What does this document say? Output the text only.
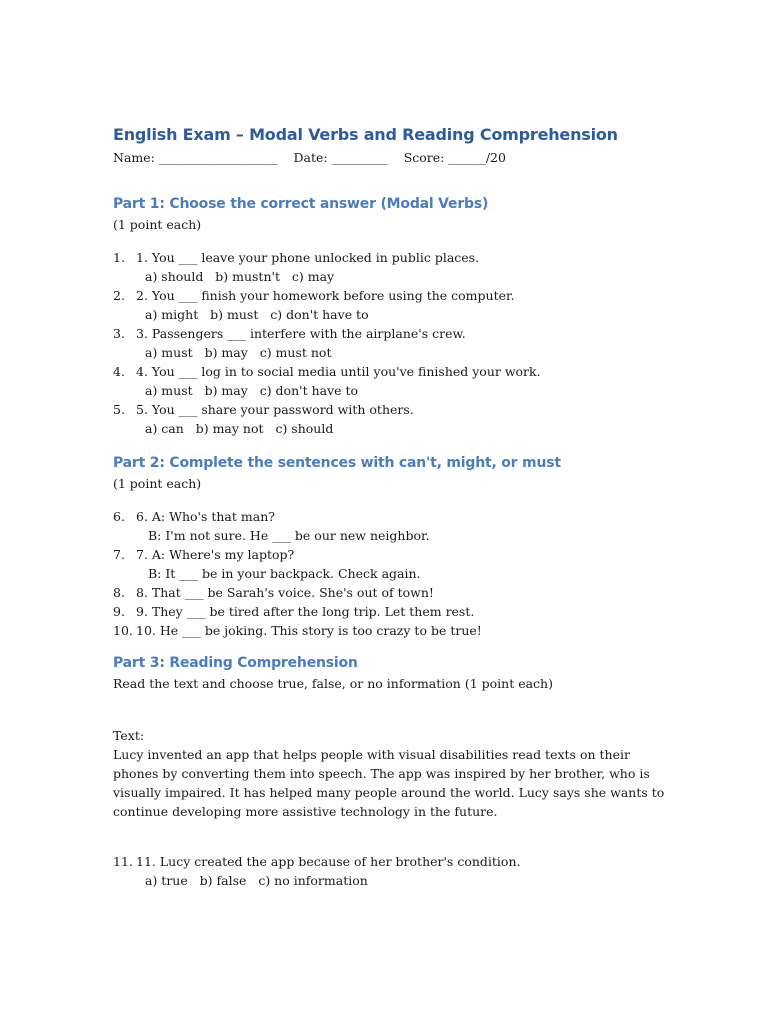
English Exam – Modal Verbs and Reading Comprehension
Name: ___________________    Date: _________    Score: ______/20
Part 1: Choose the correct answer (Modal Verbs)
(1 point each)
1. 1. You ___ leave your phone unlocked in public places.
a) should   b) mustn't   c) may
2. 2. You ___ finish your homework before using the computer.
a) might   b) must   c) don't have to
3. 3. Passengers ___ interfere with the airplane's crew.
a) must   b) may   c) must not
4. 4. You ___ log in to social media until you've finished your work.
a) must   b) may   c) don't have to
5. 5. You ___ share your password with others.
a) can   b) may not   c) should
Part 2: Complete the sentences with can't, might, or must
(1 point each)
6. 6. A: Who's that man?
B: I'm not sure. He ___ be our new neighbor.
7. 7. A: Where's my laptop?
B: It ___ be in your backpack. Check again.
8. 8. That ___ be Sarah's voice. She's out of town!
9. 9. They ___ be tired after the long trip. Let them rest.
10. 10. He ___ be joking. This story is too crazy to be true!
Part 3: Reading Comprehension
Read the text and choose true, false, or no information (1 point each)

Text:

Lucy invented an app that helps people with visual disabilities read texts on their phones by converting them into speech. The app was inspired by her brother, who is visually impaired. It has helped many people around the world. Lucy says she wants to continue developing more assistive technology in the future.

11. 11. Lucy created the app because of her brother's condition.
a) true   b) false   c) no information
